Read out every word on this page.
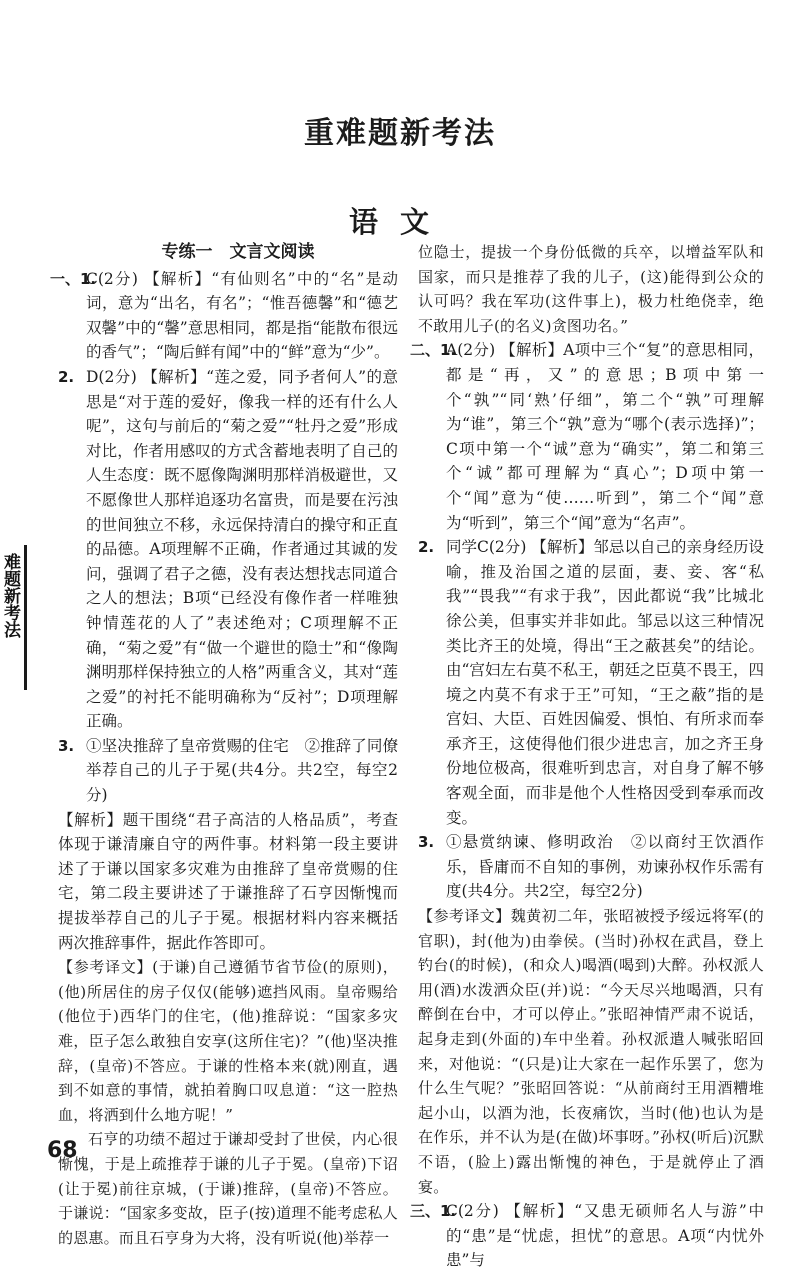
重难题新考法
语文
难题新考法
专练一　文言文阅读
一、1.
C(2分) 【解析】“有仙则名”中的“名”是动词，意为“出名，有名”；“惟吾德馨”和“德艺双馨”中的“馨”意思相同，都是指“能散布很远的香气”；“陶后鲜有闻”中的“鲜”意为“少”。
2. D(2分) 【解析】“莲之爱，同予者何人”的意思是“对于莲的爱好，像我一样的还有什么人呢”，这句与前后的“菊之爱”“牡丹之爱”形成对比，作者用感叹的方式含蓄地表明了自己的人生态度：既不愿像陶渊明那样消极避世，又不愿像世人那样追逐功名富贵，而是要在污浊的世间独立不移，永远保持清白的操守和正直的品德。A项理解不正确，作者通过其诚的发问，强调了君子之德，没有表达想找志同道合之人的想法；B项“已经没有像作者一样唯独钟情莲花的人了”表述绝对；C项理解不正确，“菊之爱”有“做一个避世的隐士”和“像陶渊明那样保持独立的人格”两重含义，其对“莲之爱”的衬托不能明确称为“反衬”；D项理解正确。
3. ①坚决推辞了皇帝赏赐的住宅　②推辞了同僚举荐自己的儿子于冕(共4分。共2空，每空2分)

【解析】题干围绕“君子高洁的人格品质”，考查体现于谦清廉自守的两件事。材料第一段主要讲述了于谦以国家多灾难为由推辞了皇帝赏赐的住宅，第二段主要讲述了于谦推辞了石亨因惭愧而提拔举荐自己的儿子于冕。根据材料内容来概括两次推辞事件，据此作答即可。

【参考译文】(于谦)自己遵循节省节俭(的原则)，(他)所居住的房子仅仅(能够)遮挡风雨。皇帝赐给(他位于)西华门的住宅，(他)推辞说：“国家多灾难，臣子怎么敢独自安享(这所住宅)？”(他)坚决推辞，(皇帝)不答应。于谦的性格本来(就)刚直，遇到不如意的事情，就拍着胸口叹息道：“这一腔热血，将洒到什么地方呢！”

石亨的功绩不超过于谦却受封了世侯，内心很惭愧，于是上疏推荐于谦的儿子于冕。(皇帝)下诏(让于冕)前往京城，(于谦)推辞，(皇帝)不答应。于谦说：“国家多变故，臣子(按)道理不能考虑私人的恩惠。而且石亨身为大将，没有听说(他)举荐一

位隐士，提拔一个身份低微的兵卒，以增益军队和国家，而只是推荐了我的儿子，(这)能得到公众的认可吗？我在军功(这件事上)，极力杜绝侥幸，绝不敢用儿子(的名义)贪图功名。”

二、1.
A(2分) 【解析】A项中三个“复”的意思相同，都是“再，又”的意思；B项中第一个“孰”“同‘熟’仔细”，第二个“孰”可理解为“谁”，第三个“孰”意为“哪个(表示选择)”；C项中第一个“诚”意为“确实”，第二和第三个“诚”都可理解为“真心”；D项中第一个“闻”意为“使……听到”，第二个“闻”意为“听到”，第三个“闻”意为“名声”。
2. 同学C(2分) 【解析】邹忌以自己的亲身经历设喻，推及治国之道的层面，妻、妾、客“私我”“畏我”“有求于我”，因此都说“我”比城北徐公美，但事实并非如此。邹忌以这三种情况类比齐王的处境，得出“王之蔽甚矣”的结论。由“宫妇左右莫不私王，朝廷之臣莫不畏王，四境之内莫不有求于王”可知，“王之蔽”指的是宫妇、大臣、百姓因偏爱、惧怕、有所求而奉承齐王，这使得他们很少进忠言，加之齐王身份地位极高，很难听到忠言，对自身了解不够客观全面，而非是他个人性格因受到奉承而改变。
3. ①悬赏纳谏、修明政治　②以商纣王饮酒作乐，昏庸而不自知的事例，劝谏孙权作乐需有度(共4分。共2空，每空2分)

【参考译文】魏黄初二年，张昭被授予绥远将军(的官职)，封(他为)由拳侯。(当时)孙权在武昌，登上钓台(的时候)，(和众人)喝酒(喝到)大醉。孙权派人用(酒)水泼洒众臣(并)说：“今天尽兴地喝酒，只有醉倒在台中，才可以停止。”张昭神情严肃不说话，起身走到(外面的)车中坐着。孙权派遣人喊张昭回来，对他说：“(只是)让大家在一起作乐罢了，您为什么生气呢？”张昭回答说：“从前商纣王用酒糟堆起小山，以酒为池，长夜痛饮，当时(他)也认为是在作乐，并不认为是(在做)坏事呀。”孙权(听后)沉默不语，(脸上)露出惭愧的神色，于是就停止了酒宴。

三、1.
C(2分) 【解析】“又患无硕师名人与游”中的“患”是“忧虑，担忧”的意思。A项“内忧外患”与
68
